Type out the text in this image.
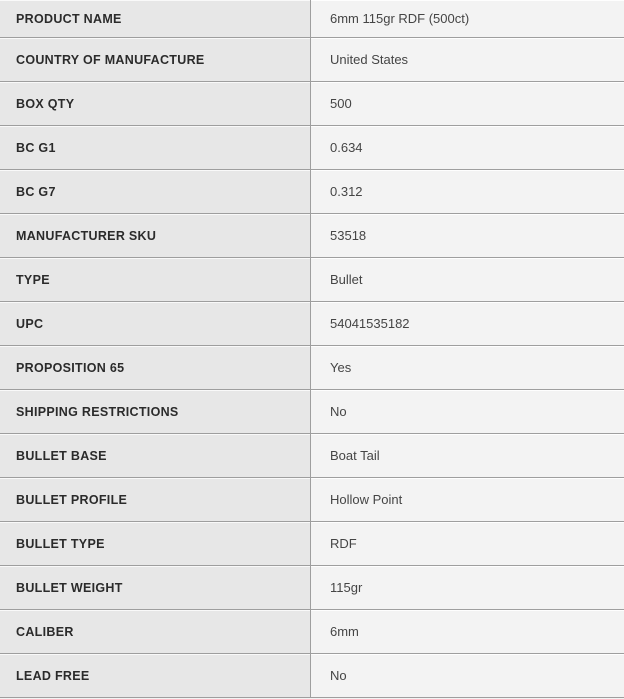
PRODUCT NAME	6mm 115gr RDF (500ct)
COUNTRY OF MANUFACTURE	United States
BOX QTY	500
BC G1	0.634
BC G7	0.312
MANUFACTURER SKU	53518
TYPE	Bullet
UPC	54041535182
PROPOSITION 65	Yes
SHIPPING RESTRICTIONS	No
BULLET BASE	Boat Tail
BULLET PROFILE	Hollow Point
BULLET TYPE	RDF
BULLET WEIGHT	115gr
CALIBER	6mm
LEAD FREE	No
